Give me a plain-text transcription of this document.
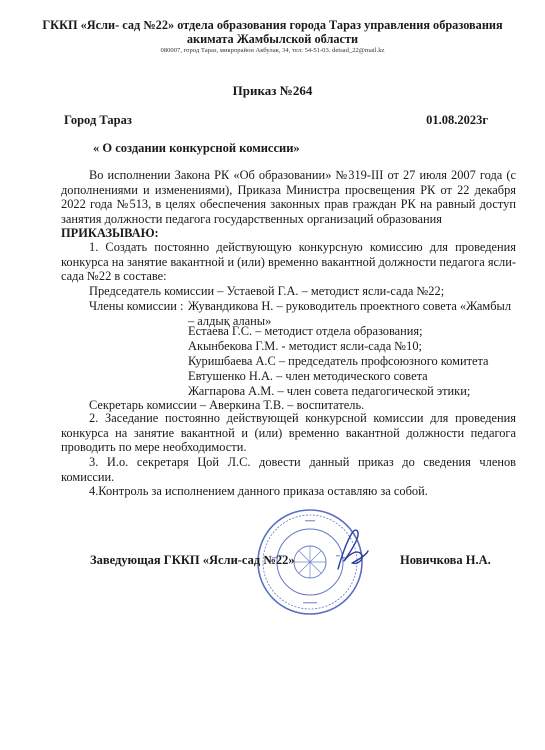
ГККП «Ясли- сад №22» отдела образования города Тараз управления образования
акимата Жамбылской области
080007, город Тараз, микрорайон Акбулак, 34, тел: 54-51-03. detsad_22@mail.kz
Приказ №264
Город Тараз	01.08.2023г
« О создании конкурсной комиссии»
Во исполнении Закона РК «Об образовании» №319-III от 27 июля 2007 года (с дополнениями и изменениями), Приказа Министра просвещения РК от 22 декабря 2022 года №513, в целях обеспечения законных прав граждан РК на равный доступ занятия должности педагога государственных организаций образования
ПРИКАЗЫВАЮ:
1. Создать постоянно действующую конкурсную комиссию для проведения конкурса на занятие вакантной и (или) временно вакантной должности педагога ясли-сада №22 в составе:
Председатель комиссии – Устаевой Г.А. – методист ясли-сада №22;
Члены комиссии : Жувандикова Н. – руководитель проектного совета «Жамбыл
– алдық аланы»
Естаева Г.С. – методист отдела образования;
Акынбекова Г.М. - методист ясли-сада №10;
Куришбаева А.С – председатель профсоюзного комитета
Евтушенко Н.А. – член методического совета
Жагпарова А.М. – член совета педагогической этики;
Секретарь комиссии – Аверкина Т.В. – воспитатель.
2. Заседание постоянно действующей конкурсной комиссии для проведения конкурса на занятие вакантной и (или) временно вакантной должности педагога проводить по мере необходимости.
3. И.о. секретаря Цой Л.С. довести данный приказ до сведения членов комиссии.
4.Контроль за исполнением данного приказа оставляю за собой.
Заведующая ГККП «Ясли-сад №22»	Новичкова Н.А.
